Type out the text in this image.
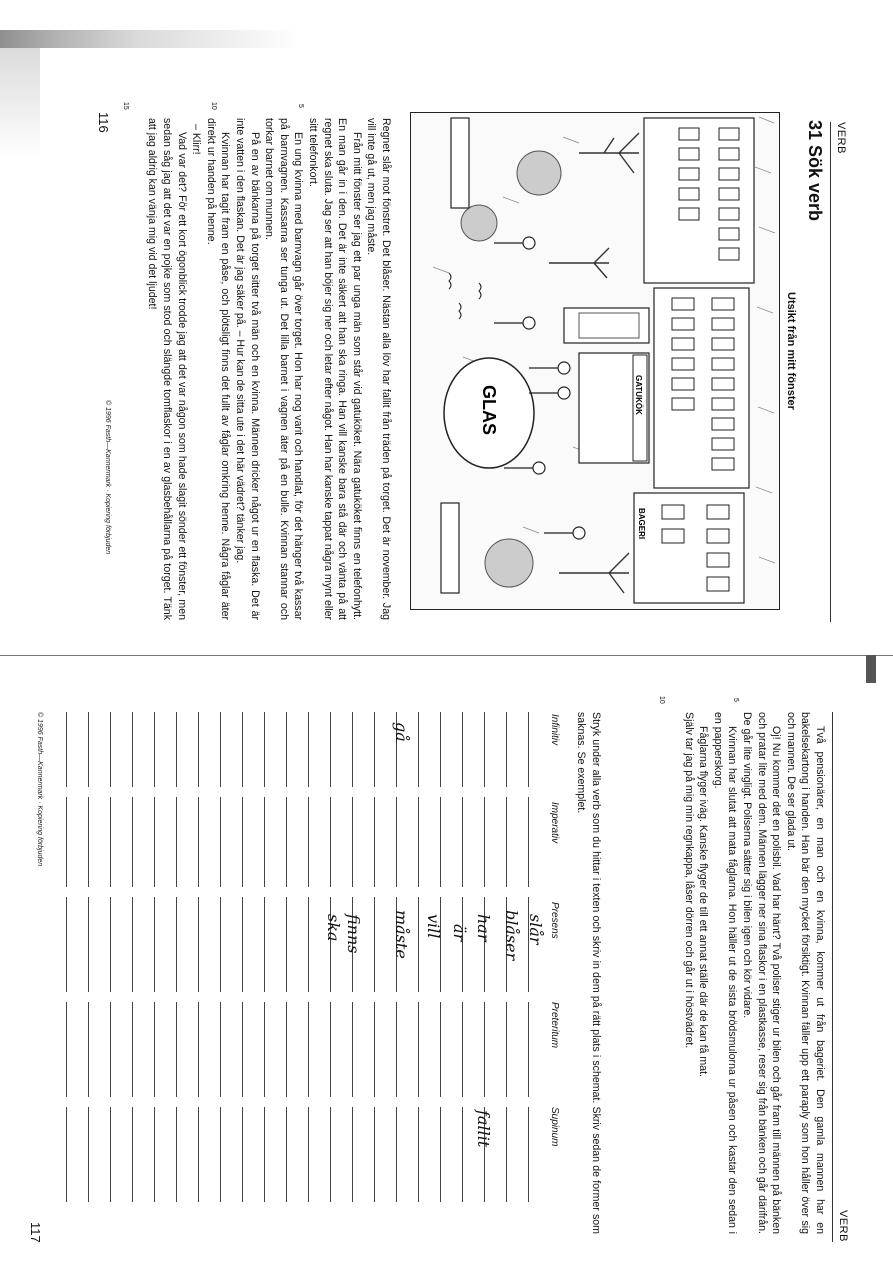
VERB
31 Sök verb
Utsikt från mitt fönster
GATUKÖK
GLAS
BAGERI

Regnet slår mot fönstret. Det blåser. Nästan alla löv har fallit från träden på torget. Det är november. Jag vill inte gå ut, men jag måste.

Från mitt fönster ser jag ett par unga män som står vid gatuköket. Nära gatuköket finns en telefonhytt. En man går in i den. Det är inte säkert att han ska ringa. Han vill kanske bara stå där och vänta på att regnet ska sluta. Jag ser att han böjer sig ner och letar efter något. Han har kanske tappat några mynt eller sitt telefonkort.

En ung kvinna med barnvagn går över torget. Hon har nog varit och handlat, för det hänger två kassar på barnvagnen. Kassarna ser tunga ut. Det lilla barnet i vagnen äter på en bulle. Kvinnan stannar och torkar barnet om munnen.

På en av bänkarna på torget sitter två män och en kvinna. Männen dricker något ur en flaska. Det är inte vatten i den flaskan. Det är jag säker på. – Hur kan de sitta ute i det här vädret? tänker jag.

Kvinnan har tagit fram en påse, och plötsligt finns det fullt av fåglar omkring henne. Några fåglar äter direkt ur handen på henne.

– Klirr!

Vad var det? För ett kort ögonblick trodde jag att det var någon som hade slagit sönder ett fönster, men sedan såg jag att det var en pojke som stod och slängde tomflaskor i en av glasbehållarna på torget. Tänk att jag aldrig kan vänja mig vid det ljudet!

5
10
15
116
© 1996 Fasth—Kannermark · Kopiering förbjuden
VERB

Två pensionärer, en man och en kvinna, kommer ut från bageriet. Den gamla mannen har en bakelsekartong i handen. Han bär den mycket försiktigt. Kvinnan fäller upp ett paraply som hon håller över sig och mannen. De ser glada ut.

Oj! Nu kommer det en polisbil. Vad har hänt? Två poliser stiger ur bilen och går fram till männen på bänken och pratar lite med dem. Männen lägger ner sina flaskor i en plastkasse, reser sig från bänken och går därifrån. De går lite vingligt. Poliserna sätter sig i bilen igen och kör vidare.

Kvinnan har slutat att mata fåglarna. Hon häller ut de sista brödsmulorna ur påsen och kastar den sedan i en papperskorg.

Fåglarna flyger iväg. Kanske flyger de till ett annat ställe där de kan få mat.

Själv tar jag på mig min regnkappa, låser dörren och går ut i höstvädret.

5
10

Stryk under alla verb som du hittar i texten och skriv in dem på rätt plats i schemat. Skriv sedan de former som saknas. Se exemplet.

Infinitiv
Imperativ
Presens
Preteritum
Supinum
slår
blåser
har
fallit
är
vill
gå
måste
finns
ska
© 1996 Fasth—Kannermark · Kopiering förbjuden
117
